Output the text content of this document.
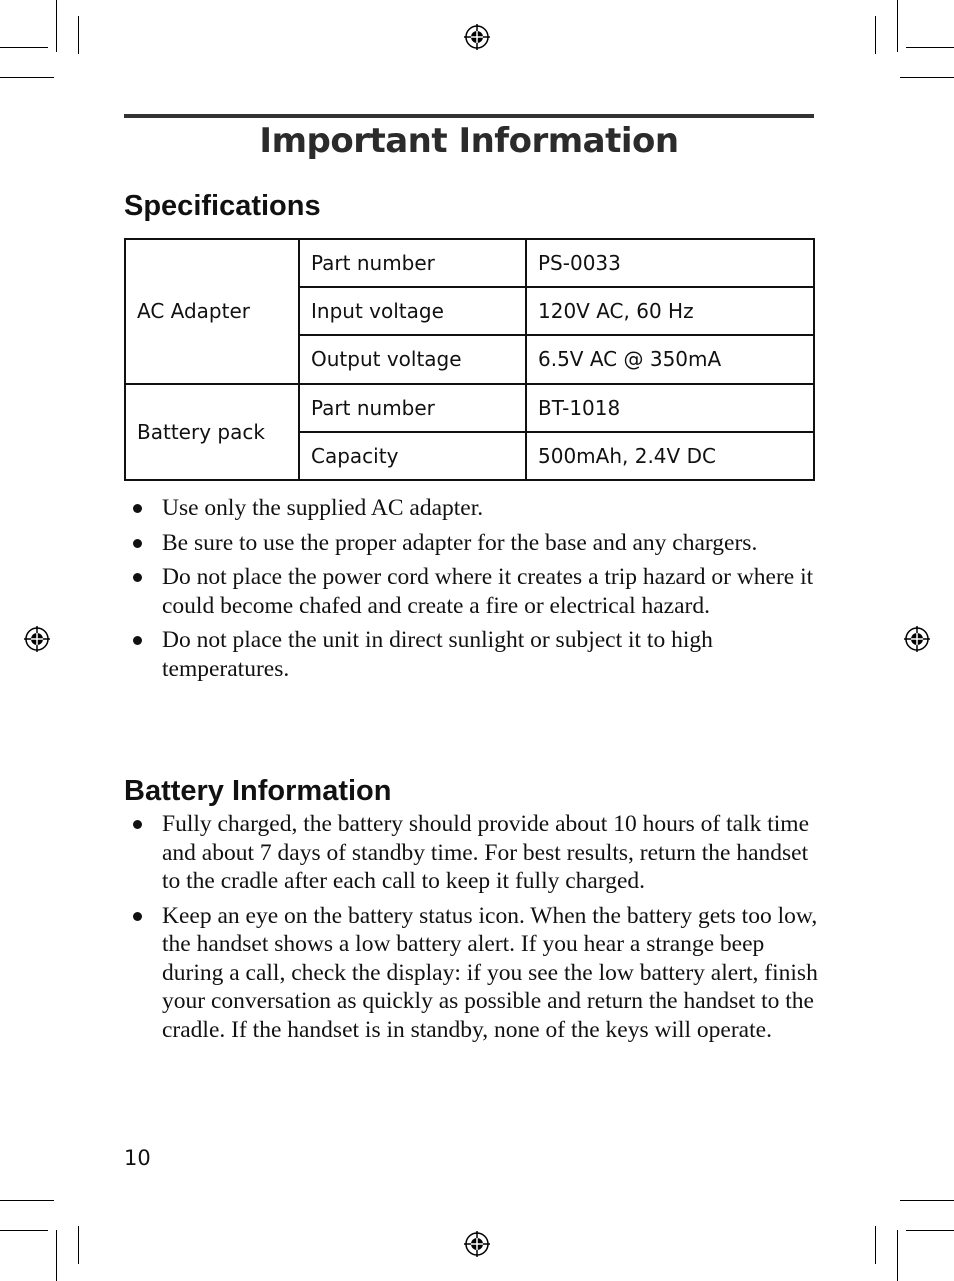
Important Information
Specifications
AC Adapter	Part number	PS-0033
	Input voltage	120V AC, 60 Hz
	Output voltage	6.5V AC @ 350mA
Battery pack	Part number	BT-1018
	Capacity	500mAh, 2.4V DC
Use only the supplied AC adapter.
Be sure to use the proper adapter for the base and any chargers.
Do not place the power cord where it creates a trip hazard or where it could become chafed and create a fire or electrical hazard.
Do not place the unit in direct sunlight or subject it to high temperatures.
Battery Information
Fully charged, the battery should provide about 10 hours of talk time and about 7 days of standby time. For best results, return the handset to the cradle after each call to keep it fully charged.
Keep an eye on the battery status icon. When the battery gets too low, the handset shows a low battery alert. If you hear a strange beep during a call, check the display: if you see the low battery alert, finish your conversation as quickly as possible and return the handset to the cradle. If the handset is in standby, none of the keys will operate.
10
